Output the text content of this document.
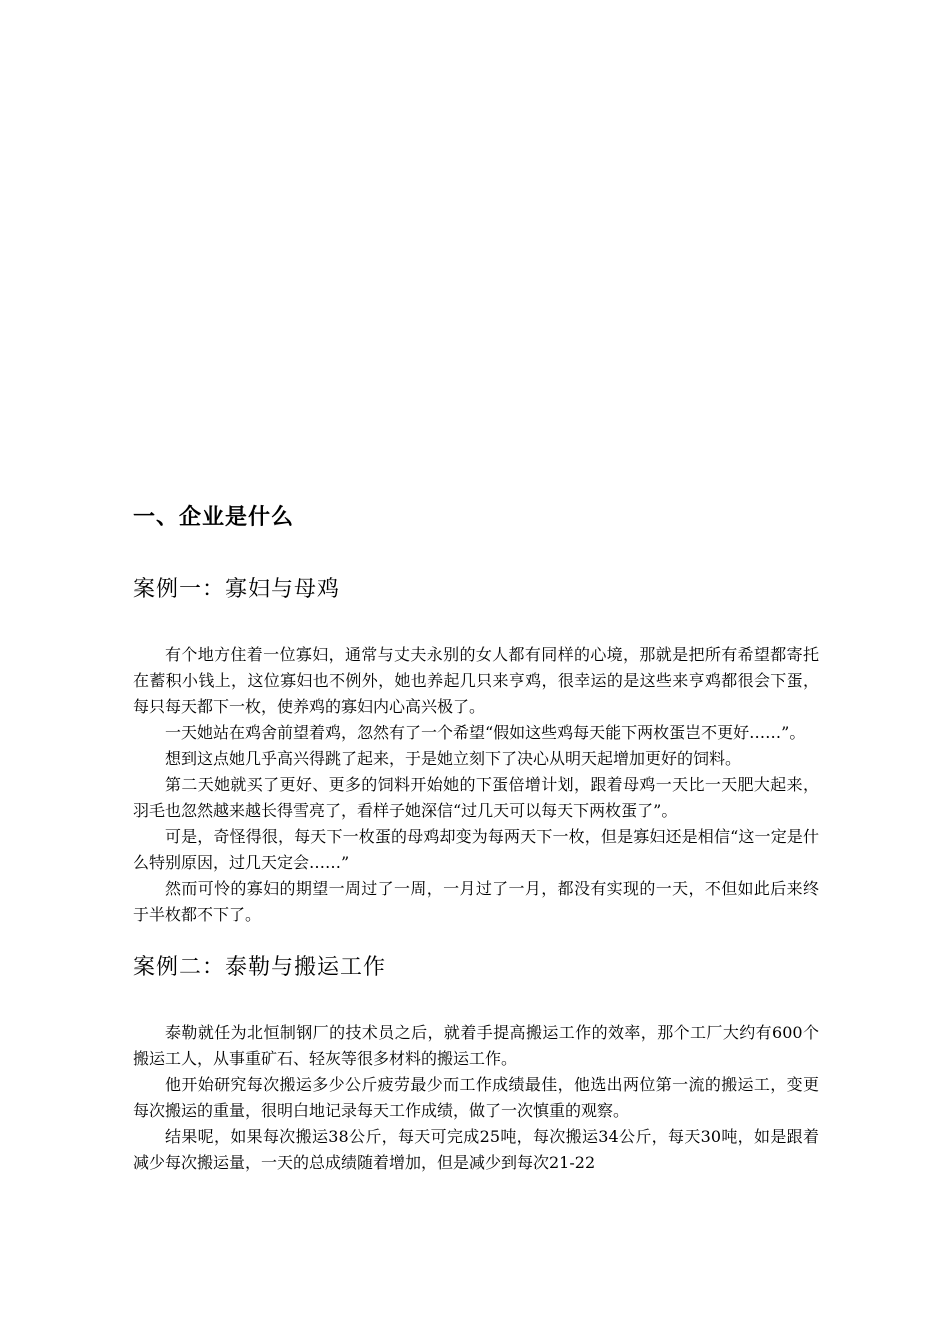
一、企业是什么
案例一：寡妇与母鸡

有个地方住着一位寡妇，通常与丈夫永别的女人都有同样的心境，那就是把所有希望都寄托在蓄积小钱上，这位寡妇也不例外，她也养起几只来亨鸡，很幸运的是这些来亨鸡都很会下蛋，每只每天都下一枚，使养鸡的寡妇内心高兴极了。

一天她站在鸡舍前望着鸡，忽然有了一个希望“假如这些鸡每天能下两枚蛋岂不更好……”。

想到这点她几乎高兴得跳了起来，于是她立刻下了决心从明天起增加更好的饲料。

第二天她就买了更好、更多的饲料开始她的下蛋倍增计划，跟着母鸡一天比一天肥大起来，羽毛也忽然越来越长得雪亮了，看样子她深信“过几天可以每天下两枚蛋了”。

可是，奇怪得很，每天下一枚蛋的母鸡却变为每两天下一枚，但是寡妇还是相信“这一定是什么特别原因，过几天定会……”

然而可怜的寡妇的期望一周过了一周，一月过了一月，都没有实现的一天，不但如此后来终于半枚都不下了。

案例二：泰勒与搬运工作

泰勒就任为北恒制钢厂的技术员之后，就着手提高搬运工作的效率，那个工厂大约有600个搬运工人，从事重矿石、轻灰等很多材料的搬运工作。

他开始研究每次搬运多少公斤疲劳最少而工作成绩最佳，他选出两位第一流的搬运工，变更每次搬运的重量，很明白地记录每天工作成绩，做了一次慎重的观察。

结果呢，如果每次搬运38公斤，每天可完成25吨，每次搬运34公斤，每天30吨，如是跟着减少每次搬运量，一天的总成绩随着增加，但是减少到每次21-22
